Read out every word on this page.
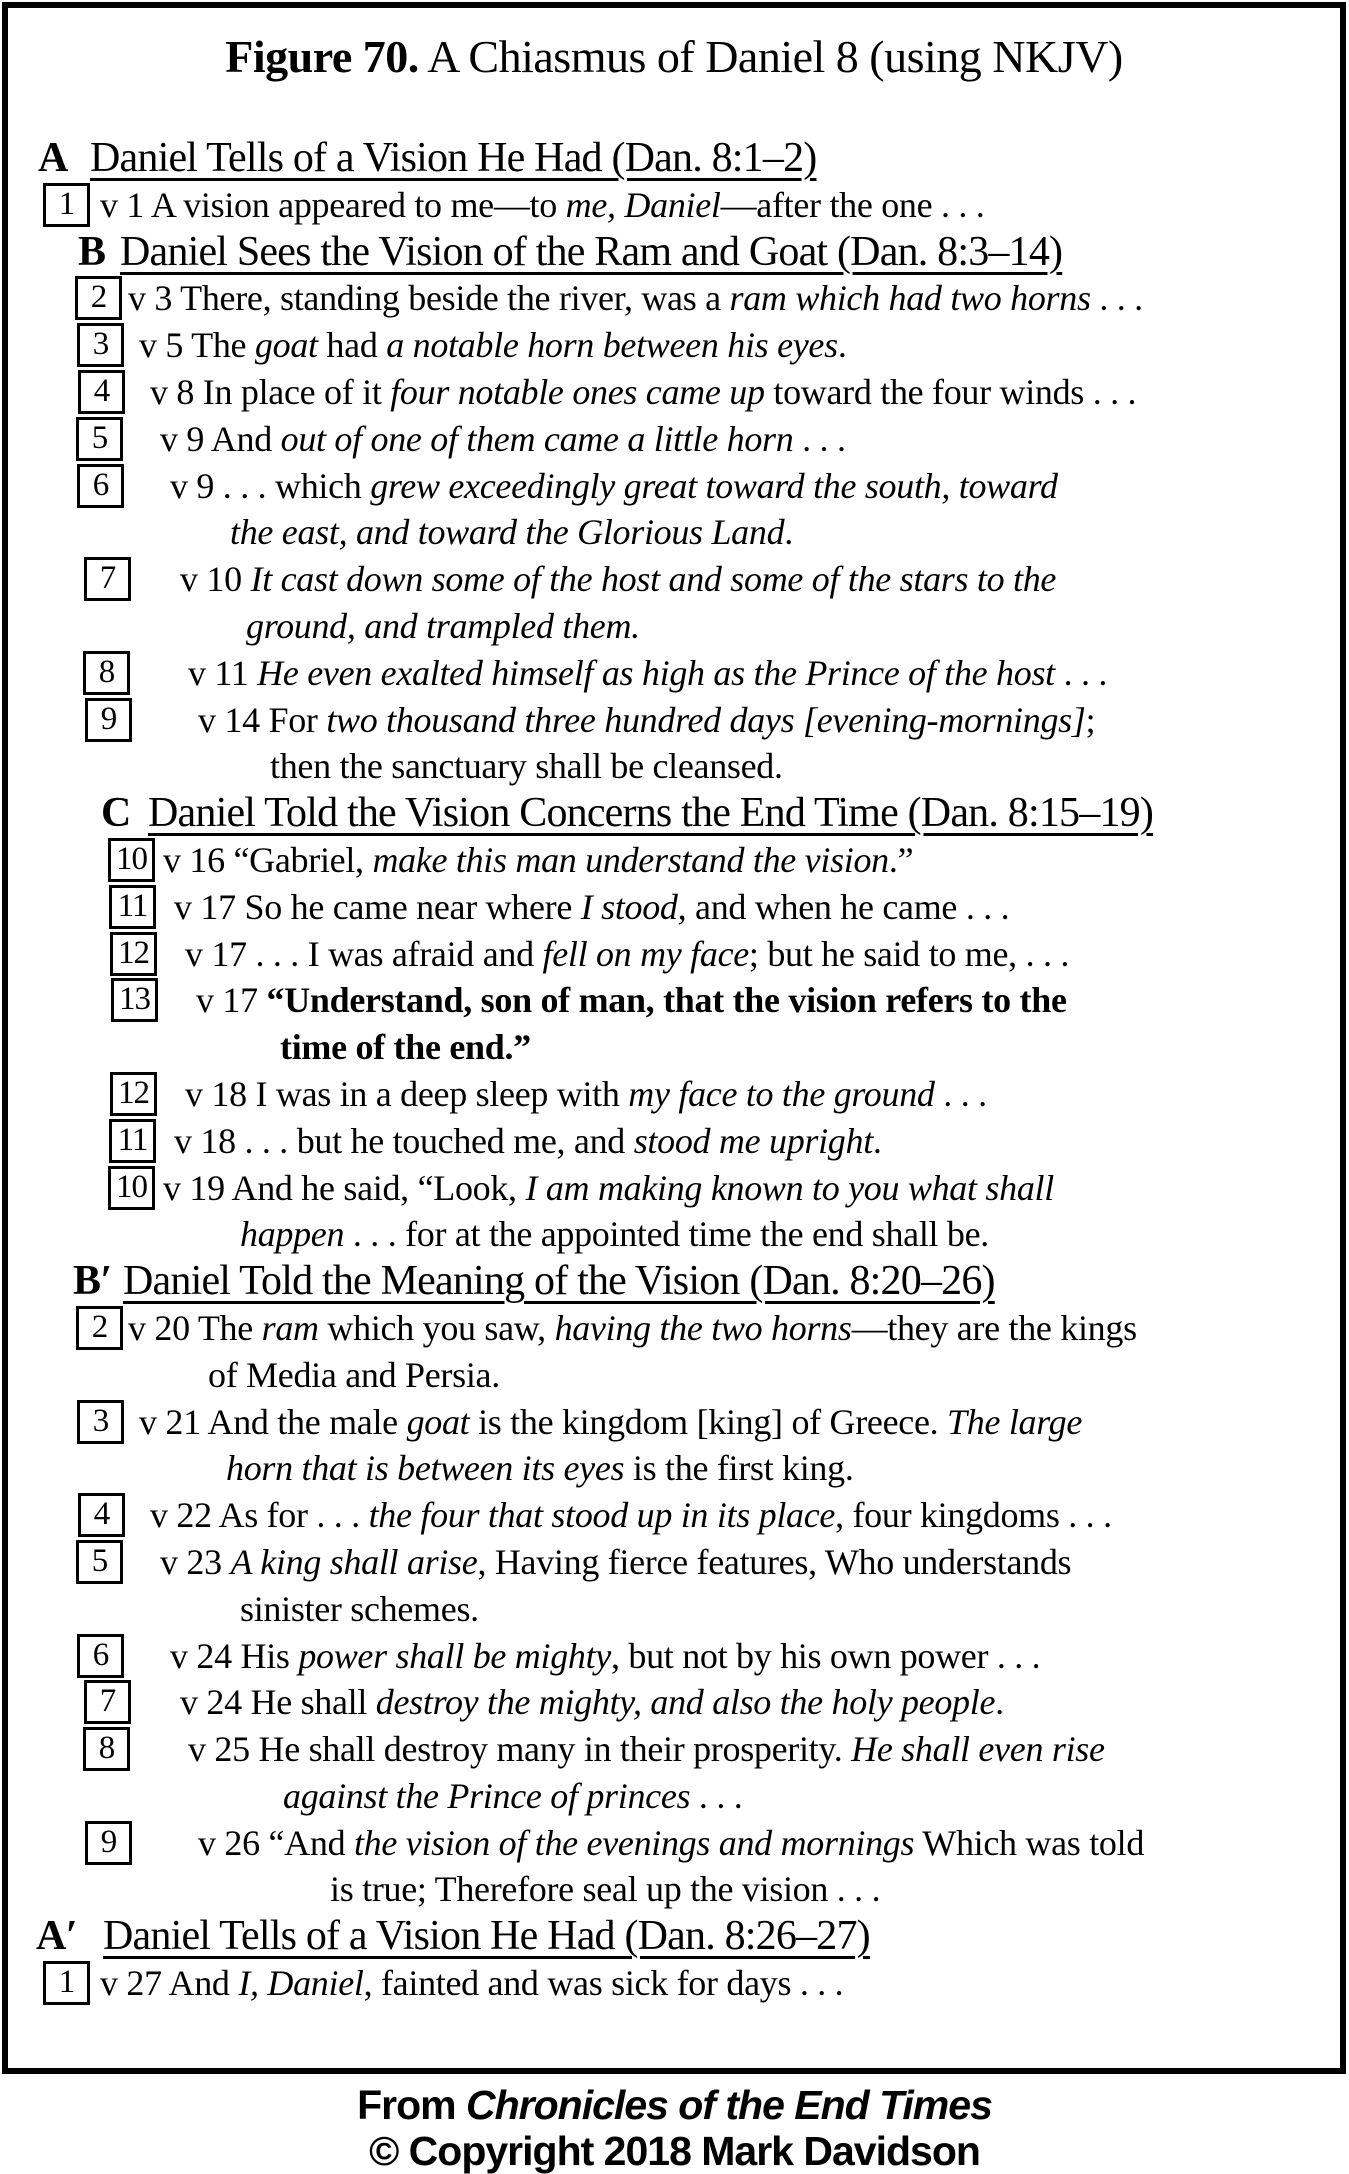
Figure 70. A Chiasmus of Daniel 8 (using NKJV)
A Daniel Tells of a Vision He Had (Dan. 8:1–2)
1 v 1 A vision appeared to me—to me, Daniel—after the one . . .
B Daniel Sees the Vision of the Ram and Goat (Dan. 8:3–14)
2 v 3 There, standing beside the river, was a ram which had two horns . . .
3 v 5 The goat had a notable horn between his eyes.
4	v 8 In place of it four notable ones came up toward the four winds . . .
5	v 9 And out of one of them came a little horn . . .
6	v 9 . . . which grew exceedingly great toward the south, toward
the east, and toward the Glorious Land.
7	v 10 It cast down some of the host and some of the stars to the
ground, and trampled them.
8	v 11 He even exalted himself as high as the Prince of the host . . .
9	v 14 For two thousand three hundred days [evening-mornings];
then the sanctuary shall be cleansed.
C Daniel Told the Vision Concerns the End Time (Dan. 8:15–19)
10 v 16 “Gabriel, make this man understand the vision.”
11 v 17 So he came near where I stood, and when he came . . .
12 v 17 . . . I was afraid and fell on my face; but he said to me, . . .
13 v 17 “Understand, son of man, that the vision refers to the
time of the end.”
12 v 18 I was in a deep sleep with my face to the ground . . .
11 v 18 . . . but he touched me, and stood me upright.
10 v 19 And he said, “Look, I am making known to you what shall
happen . . . for at the appointed time the end shall be.
B′ Daniel Told the Meaning of the Vision (Dan. 8:20–26)
2 v 20 The ram which you saw, having the two horns—they are the kings
of Media and Persia.
3 v 21 And the male goat is the kingdom [king] of Greece. The large
horn that is between its eyes is the first king.
4	v 22 As for . . . the four that stood up in its place, four kingdoms . . .
5	v 23 A king shall arise, Having fierce features, Who understands
sinister schemes.
6	v 24 His power shall be mighty, but not by his own power . . .
7	v 24 He shall destroy the mighty, and also the holy people.
8	v 25 He shall destroy many in their prosperity. He shall even rise
against the Prince of princes . . .
9	v 26 “And the vision of the evenings and mornings Which was told
is true; Therefore seal up the vision . . .
A′ Daniel Tells of a Vision He Had (Dan. 8:26–27)
1 v 27 And I, Daniel, fainted and was sick for days . . .
From Chronicles of the End Times
© Copyright 2018 Mark Davidson
